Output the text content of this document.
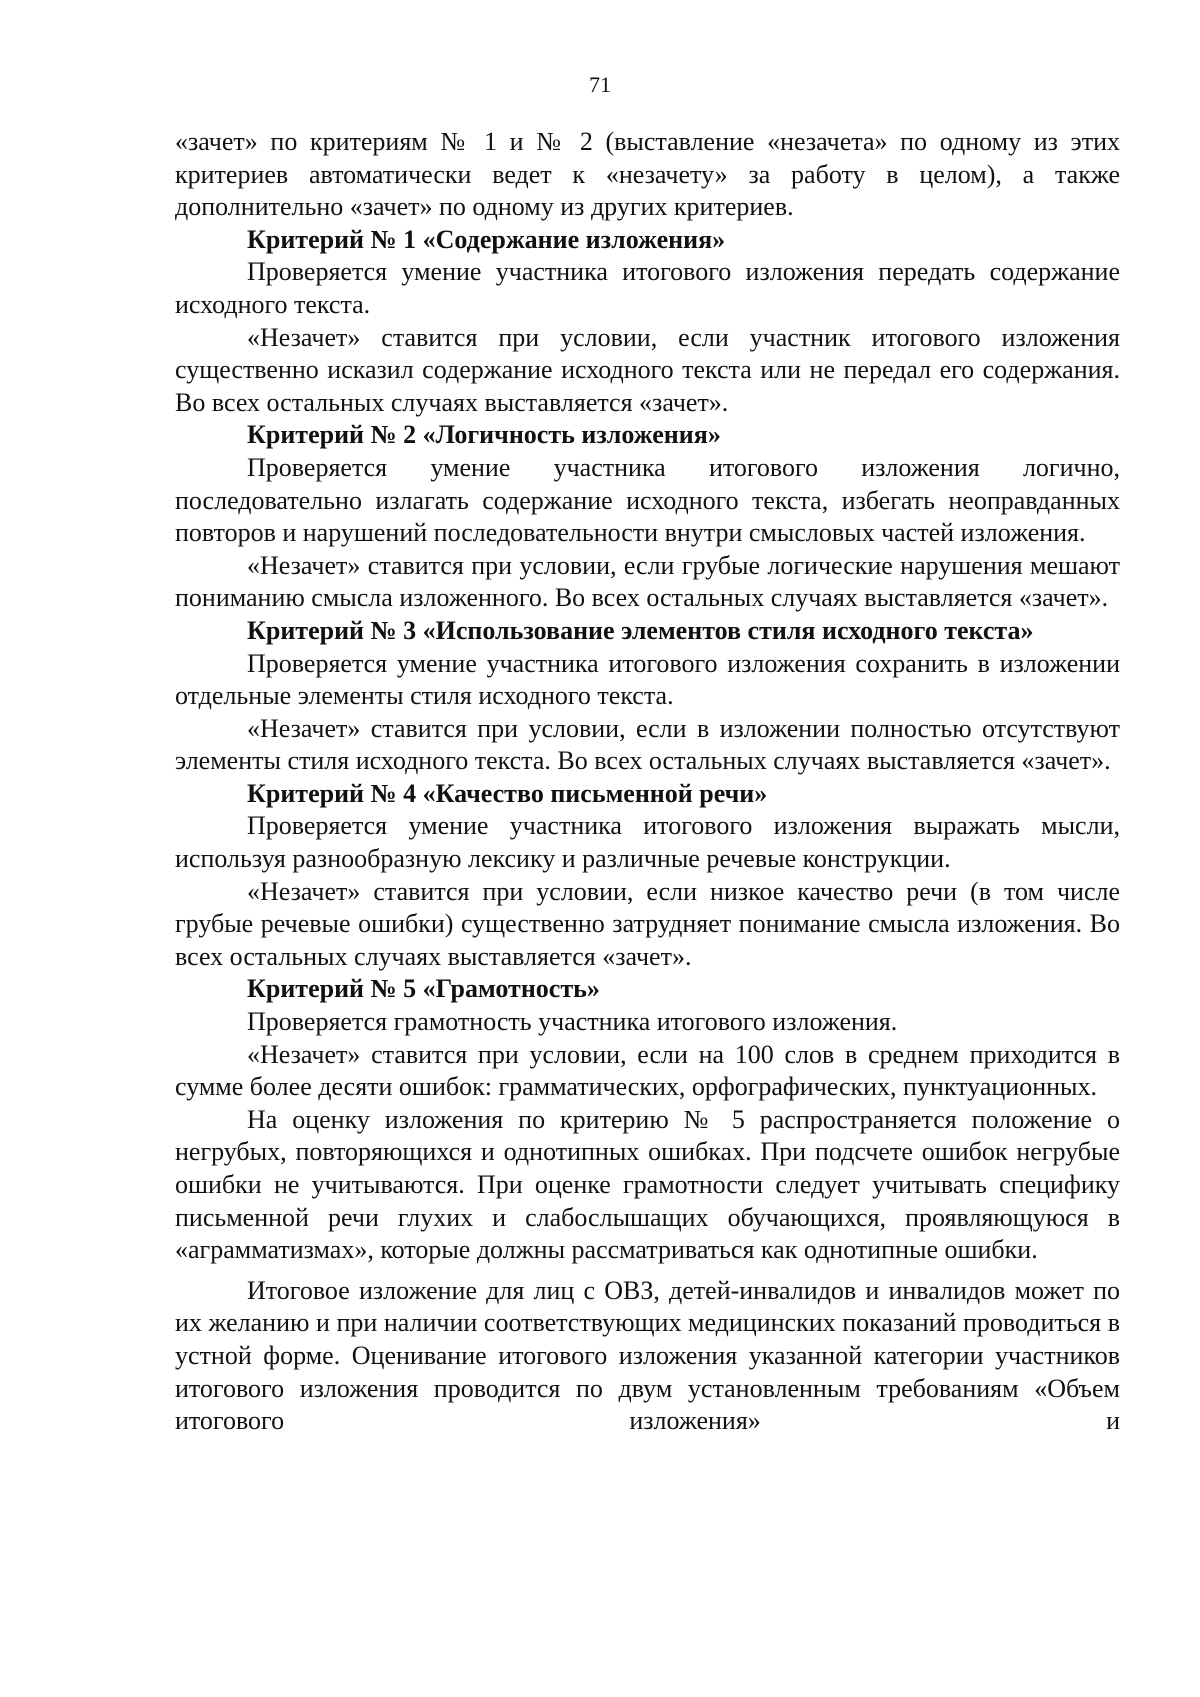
71

«зачет» по критериям № 1 и № 2 (выставление «незачета» по одному из этих критериев автоматически ведет к «незачету» за работу в целом), а также дополнительно «зачет» по одному из других критериев.

Критерий № 1 «Содержание изложения»

Проверяется умение участника итогового изложения передать содержание исходного текста.

«Незачет» ставится при условии, если участник итогового изложения существенно исказил содержание исходного текста или не передал его содержания. Во всех остальных случаях выставляется «зачет».

Критерий № 2 «Логичность изложения»

Проверяется умение участника итогового изложения логично, последовательно излагать содержание исходного текста, избегать неоправданных повторов и нарушений последовательности внутри смысловых частей изложения.

«Незачет» ставится при условии, если грубые логические нарушения мешают пониманию смысла изложенного. Во всех остальных случаях выставляется «зачет».

Критерий № 3 «Использование элементов стиля исходного текста»

Проверяется умение участника итогового изложения сохранить в изложении отдельные элементы стиля исходного текста.

«Незачет» ставится при условии, если в изложении полностью отсутствуют элементы стиля исходного текста. Во всех остальных случаях выставляется «зачет».

Критерий № 4 «Качество письменной речи»

Проверяется умение участника итогового изложения выражать мысли, используя разнообразную лексику и различные речевые конструкции.

«Незачет» ставится при условии, если низкое качество речи (в том числе грубые речевые ошибки) существенно затрудняет понимание смысла изложения. Во всех остальных случаях выставляется «зачет».

Критерий № 5 «Грамотность»

Проверяется грамотность участника итогового изложения.

«Незачет» ставится при условии, если на 100 слов в среднем приходится в сумме более десяти ошибок: грамматических, орфографических, пунктуационных.

На оценку изложения по критерию № 5 распространяется положение о негрубых, повторяющихся и однотипных ошибках. При подсчете ошибок негрубые ошибки не учитываются. При оценке грамотности следует учитывать специфику письменной речи глухих и слабослышащих обучающихся, проявляющуюся в «аграмматизмах», которые должны рассматриваться как однотипные ошибки.

Итоговое изложение для лиц с ОВЗ, детей-инвалидов и инвалидов может по их желанию и при наличии соответствующих медицинских показаний проводиться в устной форме. Оценивание итогового изложения указанной категории участников итогового изложения проводится по двум установленным требованиям «Объем итогового изложения» и
